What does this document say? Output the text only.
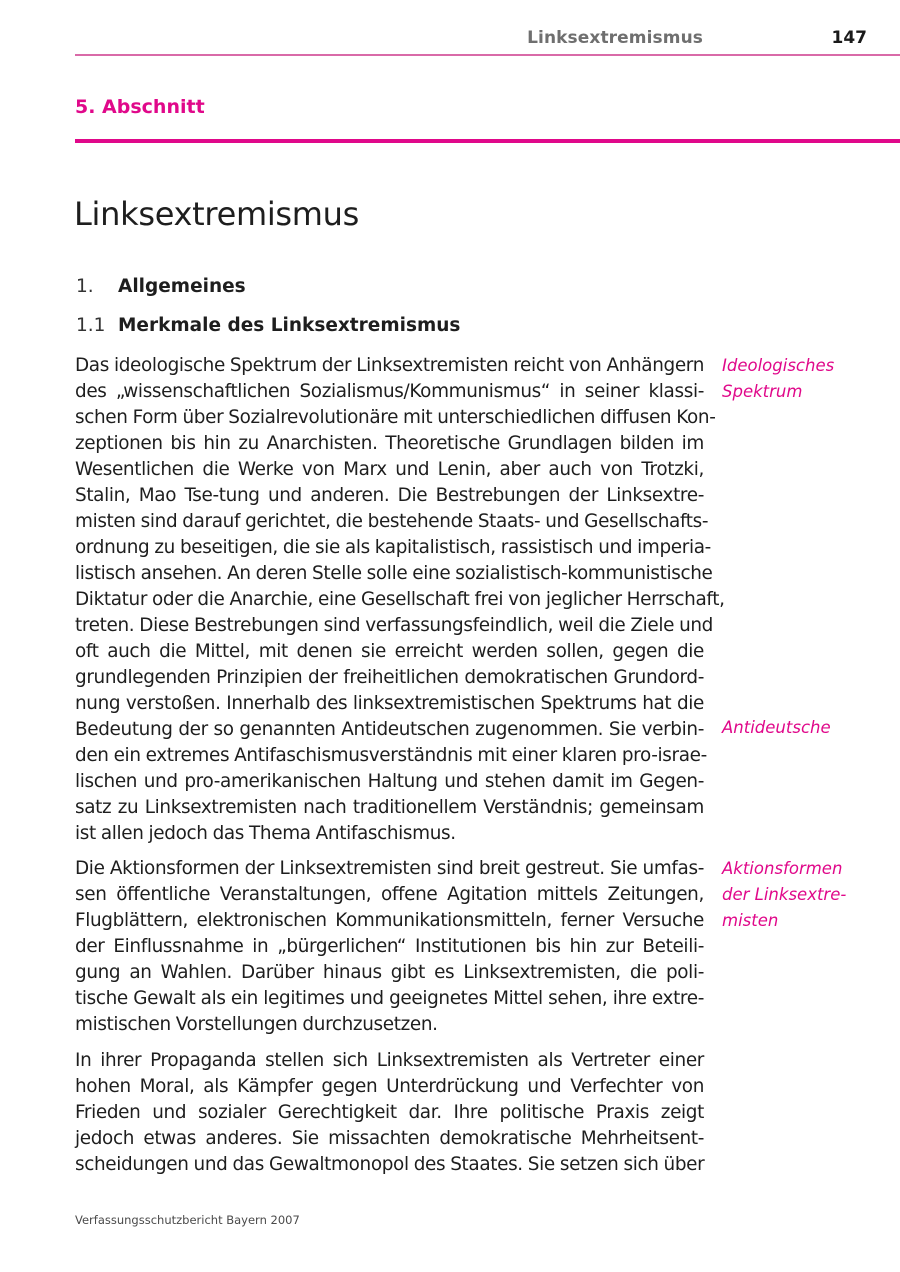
Linksextremismus	147
5. Abschnitt
Linksextremismus
1. Allgemeines
1.1 Merkmale des Linksextremismus
Das ideologische Spektrum der Linksextremisten reicht von Anhängern
des „wissenschaftlichen Sozialismus/Kommunismus“ in seiner klassi-
schen Form über Sozialrevolutionäre mit unterschiedlichen diffusen Kon-
zeptionen bis hin zu Anarchisten. Theoretische Grundlagen bilden im
Wesentlichen die Werke von Marx und Lenin, aber auch von Trotzki,
Stalin, Mao Tse-tung und anderen. Die Bestrebungen der Linksextre-
misten sind darauf gerichtet, die bestehende Staats- und Gesellschafts-
ordnung zu beseitigen, die sie als kapitalistisch, rassistisch und imperia-
listisch ansehen. An deren Stelle solle eine sozialistisch-kommunistische
Diktatur oder die Anarchie, eine Gesellschaft frei von jeglicher Herrschaft,
treten. Diese Bestrebungen sind verfassungsfeindlich, weil die Ziele und
oft auch die Mittel, mit denen sie erreicht werden sollen, gegen die
grundlegenden Prinzipien der freiheitlichen demokratischen Grundord-
nung verstoßen. Innerhalb des linksextremistischen Spektrums hat die
Bedeutung der so genannten Antideutschen zugenommen. Sie verbin-
den ein extremes Antifaschismusverständnis mit einer klaren pro-israe-
lischen und pro-amerikanischen Haltung und stehen damit im Gegen-
satz zu Linksextremisten nach traditionellem Verständnis; gemeinsam
ist allen jedoch das Thema Antifaschismus.
Die Aktionsformen der Linksextremisten sind breit gestreut. Sie umfas-
sen öffentliche Veranstaltungen, offene Agitation mittels Zeitungen,
Flugblättern, elektronischen Kommunikationsmitteln, ferner Versuche
der Einflussnahme in „bürgerlichen“ Institutionen bis hin zur Beteili-
gung an Wahlen. Darüber hinaus gibt es Linksextremisten, die poli-
tische Gewalt als ein legitimes und geeignetes Mittel sehen, ihre extre-
mistischen Vorstellungen durchzusetzen.
In ihrer Propaganda stellen sich Linksextremisten als Vertreter einer
hohen Moral, als Kämpfer gegen Unterdrückung und Verfechter von
Frieden und sozialer Gerechtigkeit dar. Ihre politische Praxis zeigt
jedoch etwas anderes. Sie missachten demokratische Mehrheitsent-
scheidungen und das Gewaltmonopol des Staates. Sie setzen sich über
Ideologisches
Spektrum
Antideutsche
Aktionsformen
der Linksextre-
misten
Verfassungsschutzbericht Bayern 2007
